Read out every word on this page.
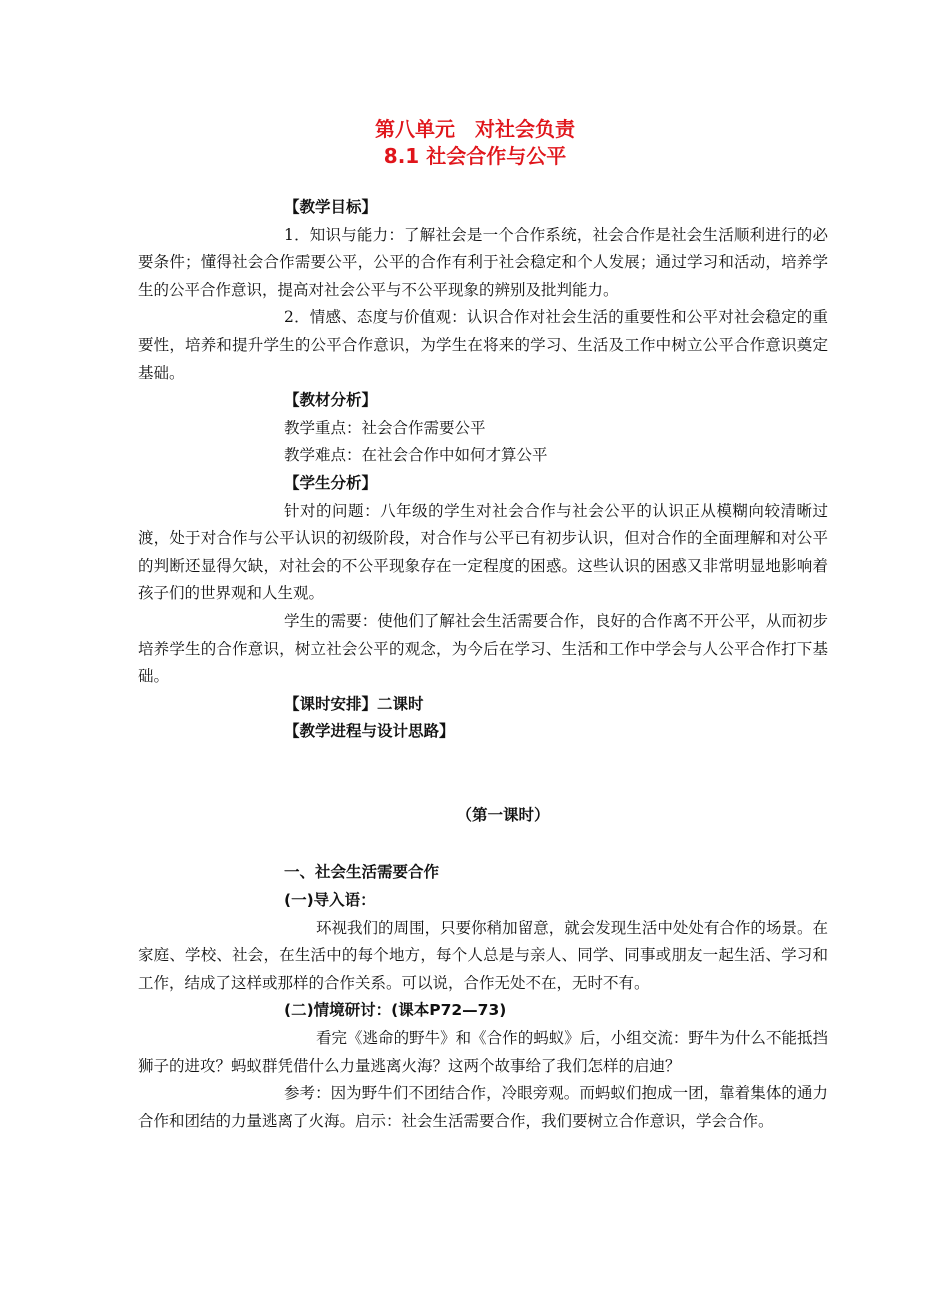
第八单元　对社会负责
8.1 社会合作与公平

【教学目标】

1．知识与能力：了解社会是一个合作系统，社会合作是社会生活顺利进行的必要条件；懂得社会合作需要公平，公平的合作有利于社会稳定和个人发展；通过学习和活动，培养学生的公平合作意识，提高对社会公平与不公平现象的辨别及批判能力。

2．情感、态度与价值观：认识合作对社会生活的重要性和公平对社会稳定的重要性，培养和提升学生的公平合作意识，为学生在将来的学习、生活及工作中树立公平合作意识奠定基础。

【教材分析】

教学重点：社会合作需要公平

教学难点：在社会合作中如何才算公平

【学生分析】

针对的问题：八年级的学生对社会合作与社会公平的认识正从模糊向较清晰过渡，处于对合作与公平认识的初级阶段，对合作与公平已有初步认识，但对合作的全面理解和对公平的判断还显得欠缺，对社会的不公平现象存在一定程度的困惑。这些认识的困惑又非常明显地影响着孩子们的世界观和人生观。

学生的需要：使他们了解社会生活需要合作，良好的合作离不开公平，从而初步培养学生的合作意识，树立社会公平的观念，为今后在学习、生活和工作中学会与人公平合作打下基础。

【课时安排】二课时

【教学进程与设计思路】

（第一课时）

一、社会生活需要合作

(一)导入语：

环视我们的周围，只要你稍加留意，就会发现生活中处处有合作的场景。在家庭、学校、社会，在生活中的每个地方，每个人总是与亲人、同学、同事或朋友一起生活、学习和工作，结成了这样或那样的合作关系。可以说，合作无处不在，无时不有。

(二)情境研讨：(课本P72—73)

看完《逃命的野牛》和《合作的蚂蚁》后，小组交流：野牛为什么不能抵挡狮子的进攻？蚂蚁群凭借什么力量逃离火海？这两个故事给了我们怎样的启迪？

参考：因为野牛们不团结合作，冷眼旁观。而蚂蚁们抱成一团，靠着集体的通力合作和团结的力量逃离了火海。启示：社会生活需要合作，我们要树立合作意识，学会合作。
